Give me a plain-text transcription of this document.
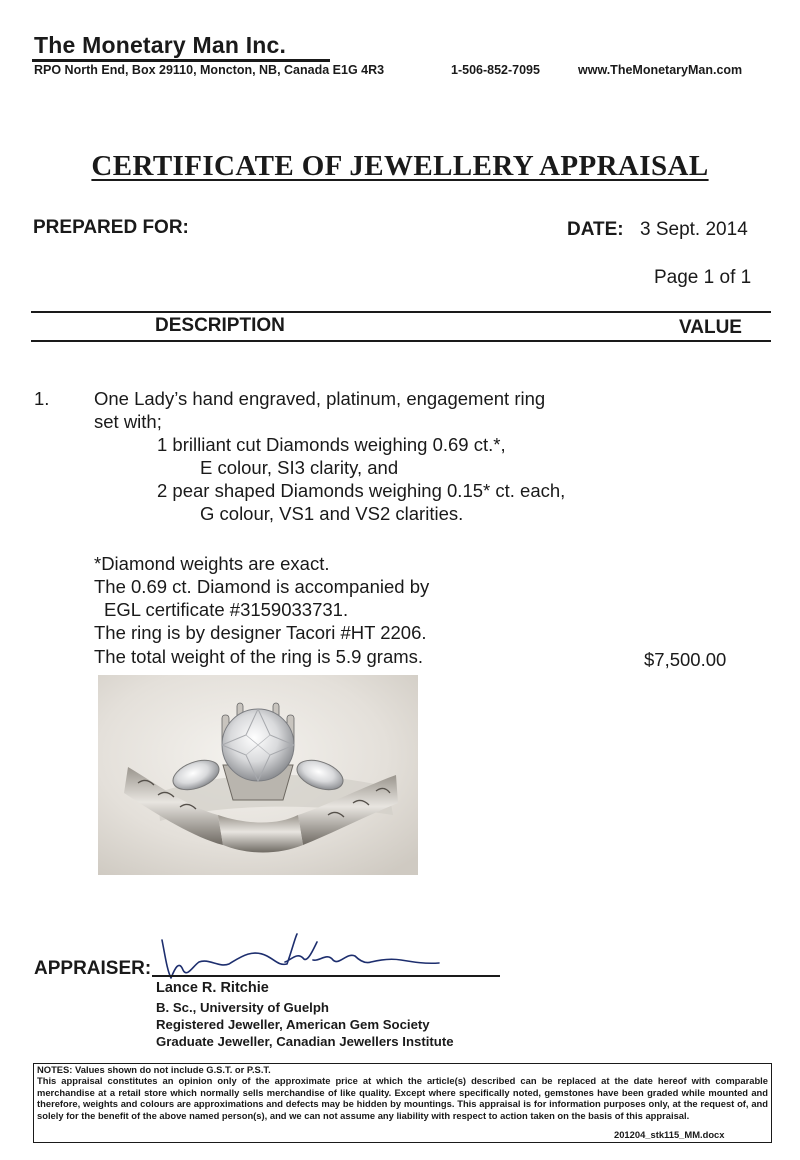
The Monetary Man Inc.
RPO North End, Box 29110, Moncton, NB, Canada E1G 4R3	1-506-852-7095	www.TheMonetaryMan.com
CERTIFICATE OF JEWELLERY APPRAISAL
PREPARED FOR:	DATE: 3 Sept. 2014
Page 1 of 1
DESCRIPTION	VALUE
1. One Lady’s hand engraved, platinum, engagement ring
set with;
1 brilliant cut Diamonds weighing 0.69 ct.*,
E colour, SI3 clarity, and
2 pear shaped Diamonds weighing 0.15* ct. each,
G colour, VS1 and VS2 clarities.
*Diamond weights are exact.
The 0.69 ct. Diamond is accompanied by
EGL certificate #3159033731.
The ring is by designer Tacori #HT 2206.
The total weight of the ring is 5.9 grams.	$7,500.00
APPRAISER:
Lance R. Ritchie
B. Sc., University of Guelph
Registered Jeweller, American Gem Society
Graduate Jeweller, Canadian Jewellers Institute
NOTES: Values shown do not include G.S.T. or P.S.T.
This appraisal constitutes an opinion only of the approximate price at which the article(s) described can be replaced at the date hereof with comparable merchandise at a retail store which normally sells merchandise of like quality. Except where specifically noted, gemstones have been graded while mounted and therefore, weights and colours are approximations and defects may be hidden by mountings. This appraisal is for information purposes only, at the request of, and solely for the benefit of the above named person(s), and we can not assume any liability with respect to action taken on the basis of this appraisal.
201204_stk115_MM.docx
